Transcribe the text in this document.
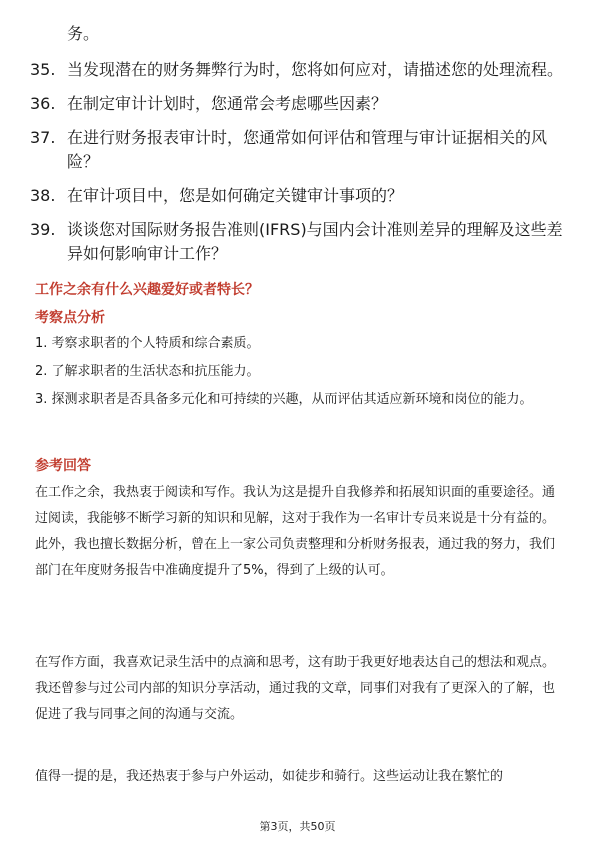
务。
35. 当发现潜在的财务舞弊行为时，您将如何应对，请描述您的处理流程。
36. 在制定审计计划时，您通常会考虑哪些因素？
37. 在进行财务报表审计时，您通常如何评估和管理与审计证据相关的风险？
38. 在审计项目中，您是如何确定关键审计事项的？
39. 谈谈您对国际财务报告准则(IFRS)与国内会计准则差异的理解及这些差异如何影响审计工作？
工作之余有什么兴趣爱好或者特长？
考察点分析
1. 考察求职者的个人特质和综合素质。
2. 了解求职者的生活状态和抗压能力。
3. 探测求职者是否具备多元化和可持续的兴趣，从而评估其适应新环境和岗位的能力。
参考回答
在工作之余，我热衷于阅读和写作。我认为这是提升自我修养和拓展知识面的重要途径。通过阅读，我能够不断学习新的知识和见解，这对于我作为一名审计专员来说是十分有益的。此外，我也擅长数据分析，曾在上一家公司负责整理和分析财务报表，通过我的努力，我们部门在年度财务报告中准确度提升了5%，得到了上级的认可。
在写作方面，我喜欢记录生活中的点滴和思考，这有助于我更好地表达自己的想法和观点。我还曾参与过公司内部的知识分享活动，通过我的文章，同事们对我有了更深入的了解，也促进了我与同事之间的沟通与交流。
值得一提的是，我还热衷于参与户外运动，如徒步和骑行。这些运动让我在繁忙的
第3页，共50页
